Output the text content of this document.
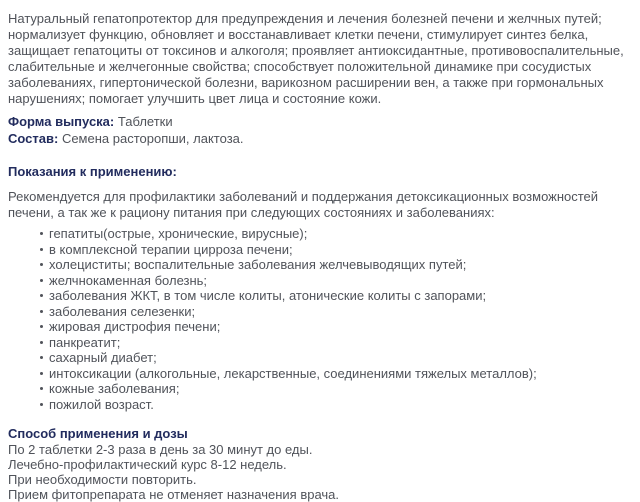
Натуральный гепатопротектор для предупреждения и лечения болезней печени и желчных путей; нормализует функцию, обновляет и восстанавливает клетки печени, стимулирует синтез белка, защищает гепатоциты от токсинов и алкоголя; проявляет антиоксидантные, противовоспалительные, слабительные и желчегонные свойства; способствует положительной динамике при сосудистых заболеваниях, гипертонической болезни, варикозном расширении вен, а также при гормональных нарушениях; помогает улучшить цвет лица и состояние кожи.

Форма выпуска: Таблетки
Состав: Семена расторопши, лактоза.
Показания к применению:

Рекомендуется для профилактики заболеваний и поддержания детоксикационных возможностей печени, а так же к рациону питания при следующих состояниях и заболеваниях:

гепатиты(острые, хронические, вирусные);
в комплексной терапии цирроза печени;
холециститы; воспалительные заболевания желчевыводящих путей;
желчнокаменная болезнь;
заболевания ЖКТ, в том числе колиты, атонические колиты с запорами;
заболевания селезенки;
жировая дистрофия печени;
панкреатит;
сахарный диабет;
интоксикации (алкогольные, лекарственные, соединениями тяжелых металлов);
кожные заболевания;
пожилой возраст.
Способ применения и дозы
По 2 таблетки 2-3 раза в день за 30 минут до еды.
Лечебно-профилактический курс 8-12 недель.
При необходимости повторить.
Прием фитопрепарата не отменяет назначения врача.
